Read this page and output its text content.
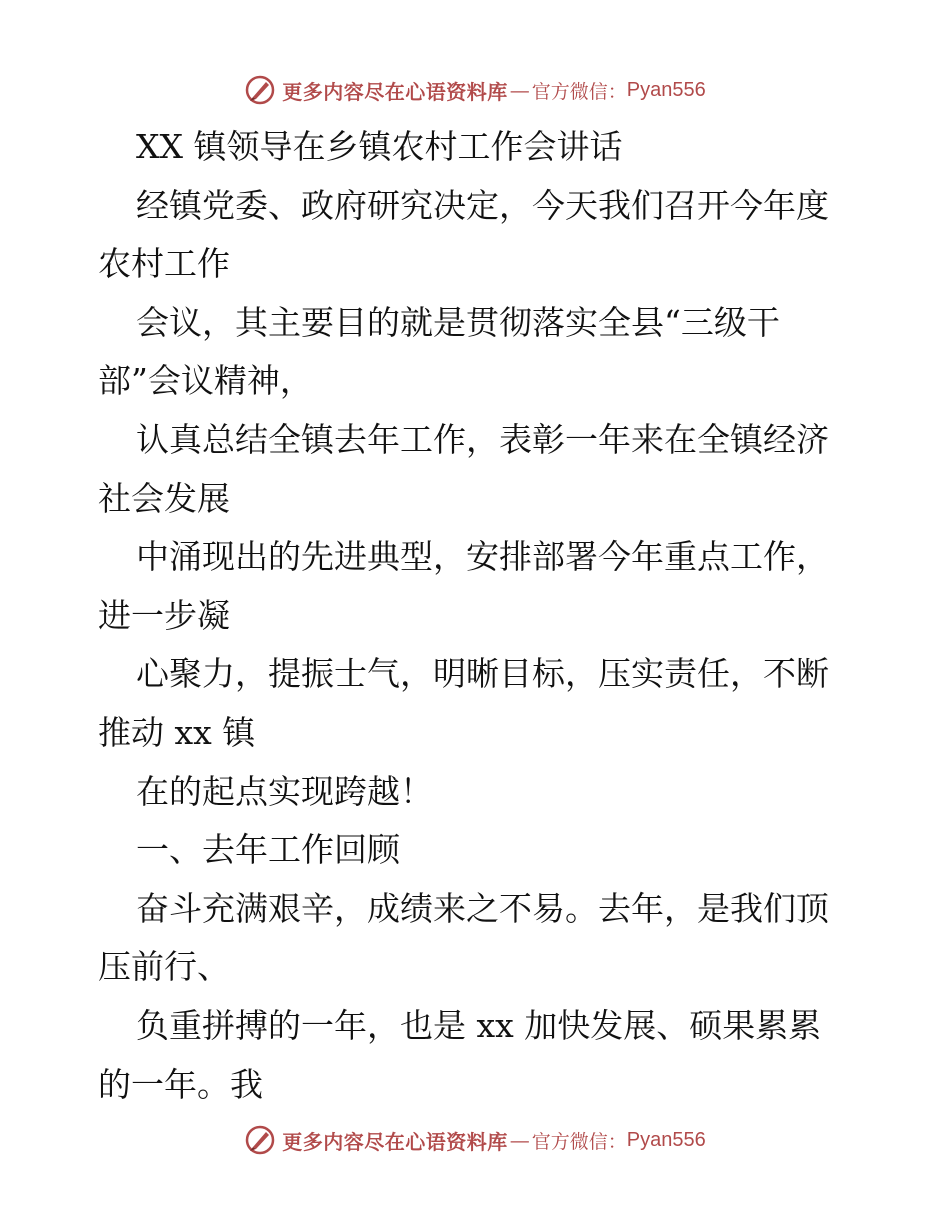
更多内容尽在心语资料库 — 官方微信： Pyan556
XX 镇领导在乡镇农村工作会讲话
经镇党委、政府研究决定，今天我们召开今年度
农村工作
会议，其主要目的就是贯彻落实全县“三级干
部”会议精神，
认真总结全镇去年工作，表彰一年来在全镇经济
社会发展
中涌现出的先进典型，安排部署今年重点工作，
进一步凝
心聚力，提振士气，明晰目标，压实责任，不断
推动 xx 镇
在的起点实现跨越！
一、去年工作回顾
奋斗充满艰辛，成绩来之不易。去年，是我们顶
压前行、
负重拼搏的一年，也是 xx 加快发展、硕果累累
的一年。我
更多内容尽在心语资料库 — 官方微信： Pyan556
